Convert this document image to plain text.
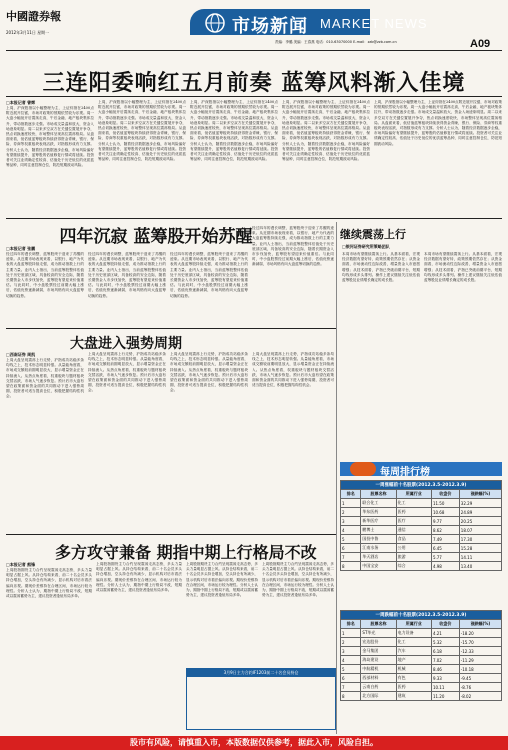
中國證券報
2012年3月11日 星期一	市场新闻 MARKET NEWS
责编：李璐 美编：王春燕 电话：010-63070000 E-mail：zzb@zzb.com.cn	A09
三连阳委响红五月前奏 蓝筹风料渐入佳境
□本报记者 曾辉
上周，沪深股指以小幅整理为主，上证综指在2400点附近展开拉锯，市场对政策的预期依然较为乐观。周一大盘小幅低开后震荡走高，午后金融、地产板块集体拉升，带动指数逐步走强。市场成交量温和放大，资金入场迹象明显。周二以来多空双方在关键位置展开争夺，热点切换速度较快，市场整体呈现高位震荡格局。从盘面来看，低估值蓝筹板块持续获得资金青睐，银行、保险、券商等权重板块表现活跃，对指数形成有力支撑。分析人士认为，随着经济数据逐步企稳，市场风险偏好有望继续提升，蓝筹股的估值修复行情或将延续。投资者可关注业绩确定性较高、估值处于历史低位的优质蓝筹品种，同时注意控制仓位，防范短期波动风险。
上周，沪深股指以小幅整理为主，上证综指在2400点附近展开拉锯，市场对政策的预期依然较为乐观。周一大盘小幅低开后震荡走高，午后金融、地产板块集体拉升，带动指数逐步走强。市场成交量温和放大，资金入场迹象明显。周二以来多空双方在关键位置展开争夺，热点切换速度较快，市场整体呈现高位震荡格局。从盘面来看，低估值蓝筹板块持续获得资金青睐，银行、保险、券商等权重板块表现活跃，对指数形成有力支撑。分析人士认为，随着经济数据逐步企稳，市场风险偏好有望继续提升，蓝筹股的估值修复行情或将延续。投资者可关注业绩确定性较高、估值处于历史低位的优质蓝筹品种，同时注意控制仓位，防范短期波动风险。
上周，沪深股指以小幅整理为主，上证综指在2400点附近展开拉锯，市场对政策的预期依然较为乐观。周一大盘小幅低开后震荡走高，午后金融、地产板块集体拉升，带动指数逐步走强。市场成交量温和放大，资金入场迹象明显。周二以来多空双方在关键位置展开争夺，热点切换速度较快，市场整体呈现高位震荡格局。从盘面来看，低估值蓝筹板块持续获得资金青睐，银行、保险、券商等权重板块表现活跃，对指数形成有力支撑。分析人士认为，随着经济数据逐步企稳，市场风险偏好有望继续提升，蓝筹股的估值修复行情或将延续。投资者可关注业绩确定性较高、估值处于历史低位的优质蓝筹品种，同时注意控制仓位，防范短期波动风险。
上周，沪深股指以小幅整理为主，上证综指在2400点附近展开拉锯，市场对政策的预期依然较为乐观。周一大盘小幅低开后震荡走高，午后金融、地产板块集体拉升，带动指数逐步走强。市场成交量温和放大，资金入场迹象明显。周二以来多空双方在关键位置展开争夺，热点切换速度较快，市场整体呈现高位震荡格局。从盘面来看，低估值蓝筹板块持续获得资金青睐，银行、保险、券商等权重板块表现活跃，对指数形成有力支撑。分析人士认为，随着经济数据逐步企稳，市场风险偏好有望继续提升，蓝筹股的估值修复行情或将延续。投资者可关注业绩确定性较高、估值处于历史低位的优质蓝筹品种，同时注意控制仓位，防范短期波动风险。
上周，沪深股指以小幅整理为主，上证综指在2400点附近展开拉锯，市场对政策的预期依然较为乐观。周一大盘小幅低开后震荡走高，午后金融、地产板块集体拉升，带动指数逐步走强。市场成交量温和放大，资金入场迹象明显。周二以来多空双方在关键位置展开争夺，热点切换速度较快，市场整体呈现高位震荡格局。从盘面来看，低估值蓝筹板块持续获得资金青睐，银行、保险、券商等权重板块表现活跃，对指数形成有力支撑。分析人士认为，随着经济数据逐步企稳，市场风险偏好有望继续提升，蓝筹股的估值修复行情或将延续。投资者可关注业绩确定性较高、估值处于历史低位的优质蓝筹品种，同时注意控制仓位，防范短期波动风险。
四年沉寂 蓝筹股开始苏醒
□本报记者 张鹏
经过四年的漫长调整，蓝筹股终于迎来了苏醒的迹象。从近期市场表现来看，以银行、地产为代表的大盘蓝筹股持续走强，成为推动指数上行的主要力量。业内人士指出，当前蓝筹股整体估值处于历史底部区域，具备较高的安全边际，随着长期资金入市步伐加快，蓝筹股有望迎来价值重估。与此同时，中小盘股票经过前期大幅上涨后，估值优势逐渐减弱，市场风格有向大盘蓝筹切换的趋势。
经过四年的漫长调整，蓝筹股终于迎来了苏醒的迹象。从近期市场表现来看，以银行、地产为代表的大盘蓝筹股持续走强，成为推动指数上行的主要力量。业内人士指出，当前蓝筹股整体估值处于历史底部区域，具备较高的安全边际，随着长期资金入市步伐加快，蓝筹股有望迎来价值重估。与此同时，中小盘股票经过前期大幅上涨后，估值优势逐渐减弱，市场风格有向大盘蓝筹切换的趋势。
经过四年的漫长调整，蓝筹股终于迎来了苏醒的迹象。从近期市场表现来看，以银行、地产为代表的大盘蓝筹股持续走强，成为推动指数上行的主要力量。业内人士指出，当前蓝筹股整体估值处于历史底部区域，具备较高的安全边际，随着长期资金入市步伐加快，蓝筹股有望迎来价值重估。与此同时，中小盘股票经过前期大幅上涨后，估值优势逐渐减弱，市场风格有向大盘蓝筹切换的趋势。
经过四年的漫长调整，蓝筹股终于迎来了苏醒的迹象。从近期市场表现来看，以银行、地产为代表的大盘蓝筹股持续走强，成为推动指数上行的主要力量。业内人士指出，当前蓝筹股整体估值处于历史底部区域，具备较高的安全边际，随着长期资金入市步伐加快，蓝筹股有望迎来价值重估。与此同时，中小盘股票经过前期大幅上涨后，估值优势逐渐减弱，市场风格有向大盘蓝筹切换的趋势。
大盘进入强势周期
□西南证券 周凯
上周大盘呈现震荡上行走势，沪指成功站稳多条均线之上，技术形态明显转强。从量能角度看，市场成交额较前期明显放大，显示增量资金正在持续流入。从热点角度看，权重板块与题材板块交替活跃，市场人气逐步恢复。预计后市大盘有望在政策面和资金面的共同推动下进入强势周期，投资者可适当提高仓位，积极把握结构性机会。
上周大盘呈现震荡上行走势，沪指成功站稳多条均线之上，技术形态明显转强。从量能角度看，市场成交额较前期明显放大，显示增量资金正在持续流入。从热点角度看，权重板块与题材板块交替活跃，市场人气逐步恢复。预计后市大盘有望在政策面和资金面的共同推动下进入强势周期，投资者可适当提高仓位，积极把握结构性机会。
上周大盘呈现震荡上行走势，沪指成功站稳多条均线之上，技术形态明显转强。从量能角度看，市场成交额较前期明显放大，显示增量资金正在持续流入。从热点角度看，权重板块与题材板块交替活跃，市场人气逐步恢复。预计后市大盘有望在政策面和资金面的共同推动下进入强势周期，投资者可适当提高仓位，积极把握结构性机会。
上周大盘呈现震荡上行走势，沪指成功站稳多条均线之上，技术形态明显转强。从量能角度看，市场成交额较前期明显放大，显示增量资金正在持续流入。从热点角度看，权重板块与题材板块交替活跃，市场人气逐步恢复。预计后市大盘有望在政策面和资金面的共同推动下进入强势周期，投资者可适当提高仓位，积极把握结构性机会。
多方攻守兼备 期指中期上行格局不改
□本报记者 熊锋
上周股指期货主力合约呈现震荡走高态势，多头力量明显占据上风。从持仓结构来看，前二十名会员多头持仓增加，空头持仓有所减少，显示机构对后市看法偏向乐观。期现价差维持在合理区间，市场运行较为理性。分析人士认为，期指中期上行格局不改，短期或以震荡蓄势为主，建议投资者逢低布局多单。
上周股指期货主力合约呈现震荡走高态势，多头力量明显占据上风。从持仓结构来看，前二十名会员多头持仓增加，空头持仓有所减少，显示机构对后市看法偏向乐观。期现价差维持在合理区间，市场运行较为理性。分析人士认为，期指中期上行格局不改，短期或以震荡蓄势为主，建议投资者逢低布局多单。
上周股指期货主力合约呈现震荡走高态势，多头力量明显占据上风。从持仓结构来看，前二十名会员多头持仓增加，空头持仓有所减少，显示机构对后市看法偏向乐观。期现价差维持在合理区间，市场运行较为理性。分析人士认为，期指中期上行格局不改，短期或以震荡蓄势为主，建议投资者逢低布局多单。
上周股指期货主力合约呈现震荡走高态势，多头力量明显占据上风。从持仓结构来看，前二十名会员多头持仓增加，空头持仓有所减少，显示机构对后市看法偏向乐观。期现价差维持在合理区间，市场运行较为理性。分析人士认为，期指中期上行格局不改，短期或以震荡蓄势为主，建议投资者逢低布局多单。
3月9日主力合约IF1203前二十名会员持仓
继续震荡上行
□银河证券研究所策略团队
本周市场有望继续震荡上行。从基本面看，宏观经济数据有望好转，政策预期依然存在；从资金面看，市场流动性边际改善，增量资金入市意愿增强；从技术面看，沪指已突破前期平台，短期均线形成多头排列。操作上建议继续关注低估值蓝筹股及业绩增长确定的成长股。
本周市场有望继续震荡上行。从基本面看，宏观经济数据有望好转，政策预期依然存在；从资金面看，市场流动性边际改善，增量资金入市意愿增强；从技术面看，沪指已突破前期平台，短期均线形成多头排列。操作上建议继续关注低估值蓝筹股及业绩增长确定的成长股。
每周排行榜
一周涨幅前十名股票(2012.3.5-2012.3.9)				
排名	股票名称	所属行业	收盘价	涨跌幅(%)
1	联合化工	化工	11.50	32.29
2	华东医药	医药	10.68	24.89
3	新华医疗	医疗	9.77	20.25
4	鹏博士	通信	8.62	18.07
5	国投中鲁	食品	7.49	17.30
6	江南水务	公用	6.45	15.28
7	华天酒店	旅游	5.77	14.11
8	中国宝安	综合	4.98	13.40
一周跌幅前十名股票(2012.3.5-2012.3.9)				
排名	股票名称	所属行业	收盘价	涨跌幅(%)
1	ST华光	电力设备	4.21	-18.20
2	宏达股份	化工	5.32	-15.70
3	金马集团	汽车	6.18	-12.33
4	海岛建设	地产	7.02	-11.29
5	中航精机	机械	8.46	-10.18
6	西部材料	有色	9.33	-9.45
7	云南白药	医药	10.11	-8.76
8	北方国际	建筑	11.20	-8.02
股市有风险，请慎重入市，本版数据仅供参考，据此入市，风险自担。
